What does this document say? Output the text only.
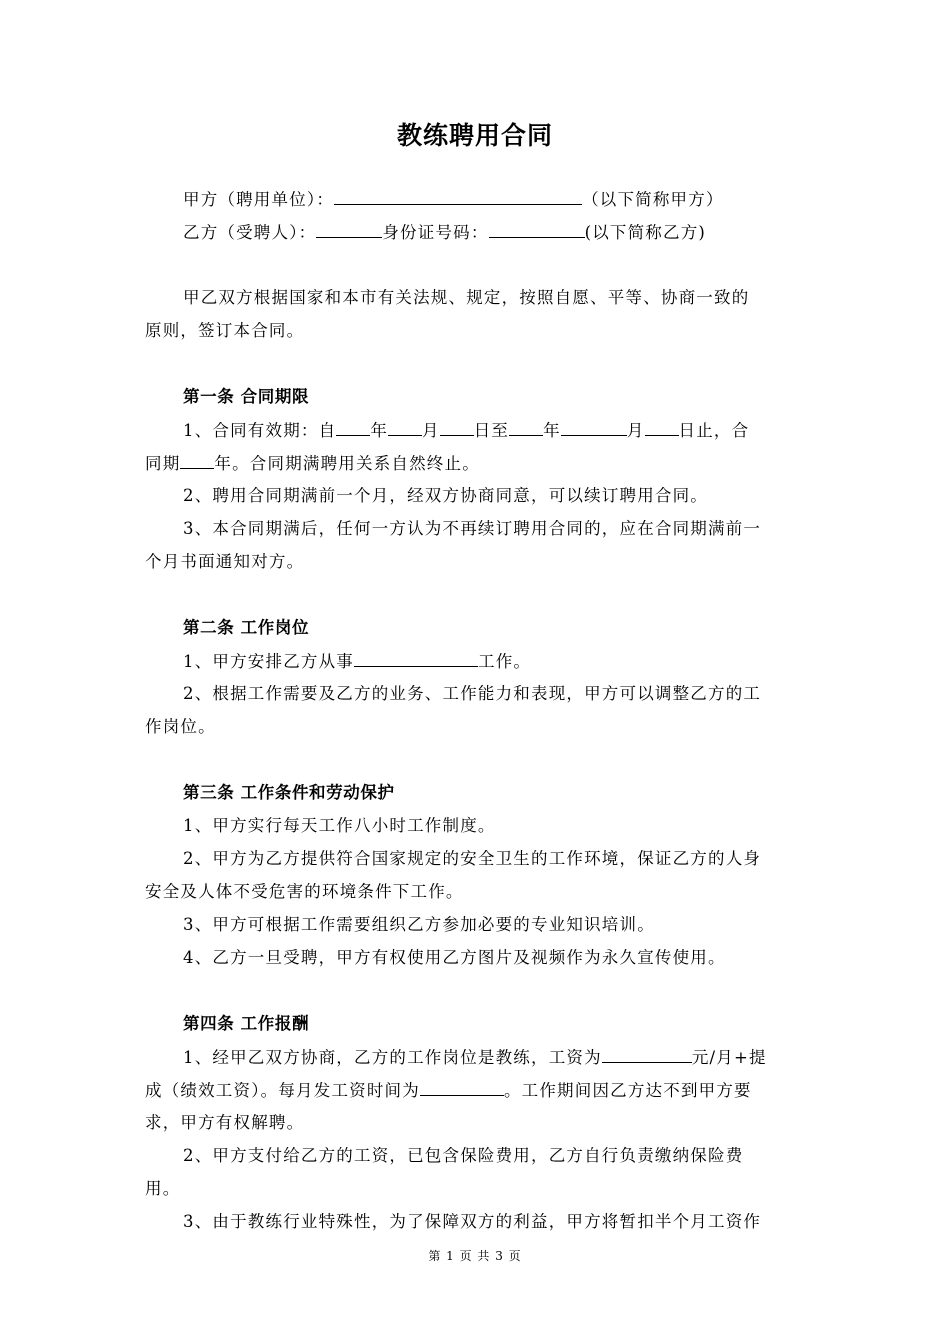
教练聘用合同
甲方（聘用单位）：	（以下简称甲方）
乙方（受聘人）：	身份证号码：	(以下简称乙方)
甲乙双方根据国家和本市有关法规、规定，按照自愿、平等、协商一致的
原则，签订本合同。
第一条 合同期限
1、合同有效期：自 年 月 日至 年	月 日止，合
同期 年。合同期满聘用关系自然终止。
2、聘用合同期满前一个月，经双方协商同意，可以续订聘用合同。
3、本合同期满后，任何一方认为不再续订聘用合同的，应在合同期满前一
个月书面通知对方。
第二条 工作岗位
1、甲方安排乙方从事	工作。
2、根据工作需要及乙方的业务、工作能力和表现，甲方可以调整乙方的工
作岗位。
第三条 工作条件和劳动保护
1、甲方实行每天工作八小时工作制度。
2、甲方为乙方提供符合国家规定的安全卫生的工作环境，保证乙方的人身
安全及人体不受危害的环境条件下工作。
3、甲方可根据工作需要组织乙方参加必要的专业知识培训。
4、乙方一旦受聘，甲方有权使用乙方图片及视频作为永久宣传使用。
第四条 工作报酬
1、经甲乙双方协商，乙方的工作岗位是教练，工资为	元/月+提
成（绩效工资）。每月发工资时间为	。工作期间因乙方达不到甲方要
求，甲方有权解聘。
2、甲方支付给乙方的工资，已包含保险费用，乙方自行负责缴纳保险费
用。
3、由于教练行业特殊性，为了保障双方的利益，甲方将暂扣半个月工资作
第 1 页 共 3 页
